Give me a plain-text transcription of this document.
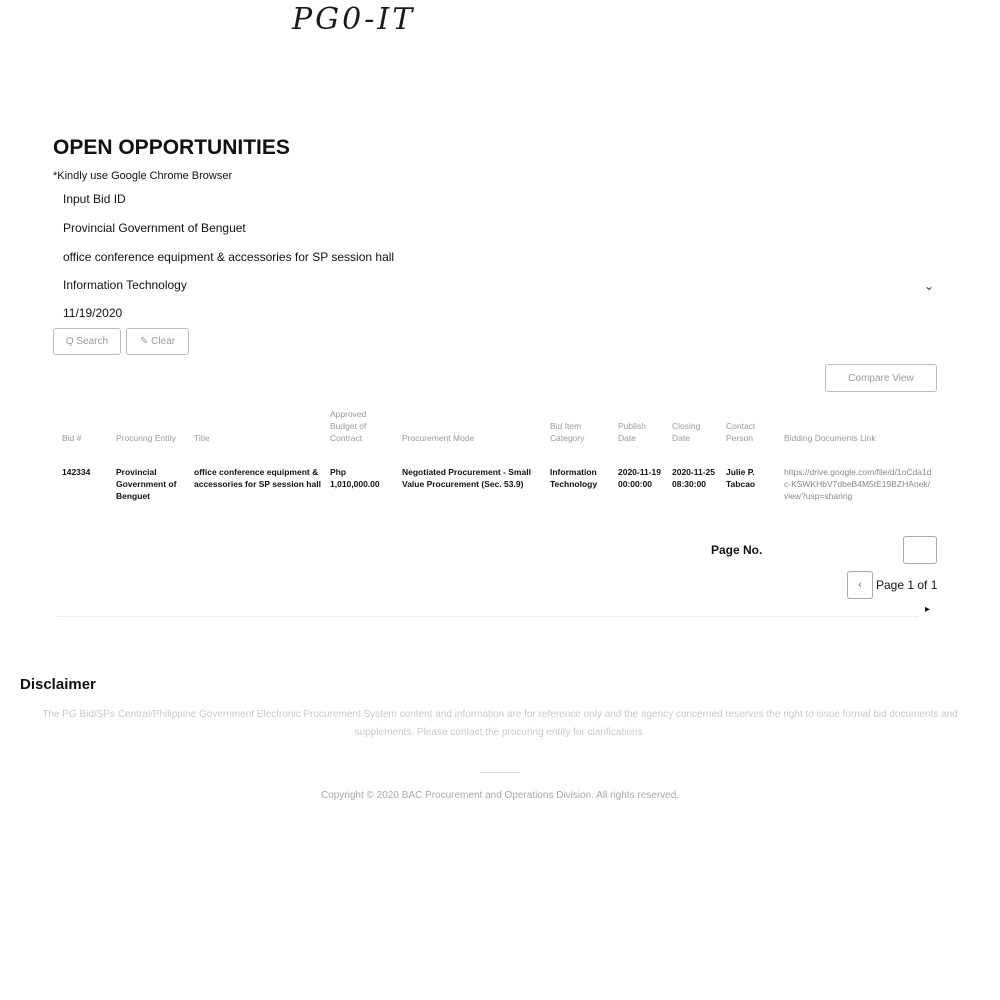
PG0-IT
OPEN OPPORTUNITIES
*Kindly use Google Chrome Browser
Input Bid ID
Provincial Government of Benguet
office conference equipment & accessories for SP session hall
Information Technology	⌄
11/19/2020
Q Search	✎ Clear
Compare View
Bid #	Procuring Entity	Title	Approved Budget of Contract	Procurement Mode	Bid Item Category	Publish Date	Closing Date	Contact Person	Bidding Documents Link
142334	Provincial Government of Benguet	office conference equipment & accessories for SP session hall	Php 1,010,000.00	Negotiated Procurement - Small Value Procurement (Sec. 53.9)	Information Technology	2020-11-19 00:00:00	2020-11-25 08:30:00	Julie P. Tabcao	https://drive.google.com/file/d/1oCda1dc-KSWKHbV7dbeB4M5tE19BZHAnek/view?usp=sharing
Page No.
‹	Page 1 of 1
▸
Disclaimer
The PG Bid/SPs Central/Philippine Government Electronic Procurement System content and information are for reference only and the agency concerned reserves the right to issue formal bid documents and supplements. Please contact the procuring entity for clarifications.
Copyright © 2020 BAC Procurement and Operations Division. All rights reserved.
